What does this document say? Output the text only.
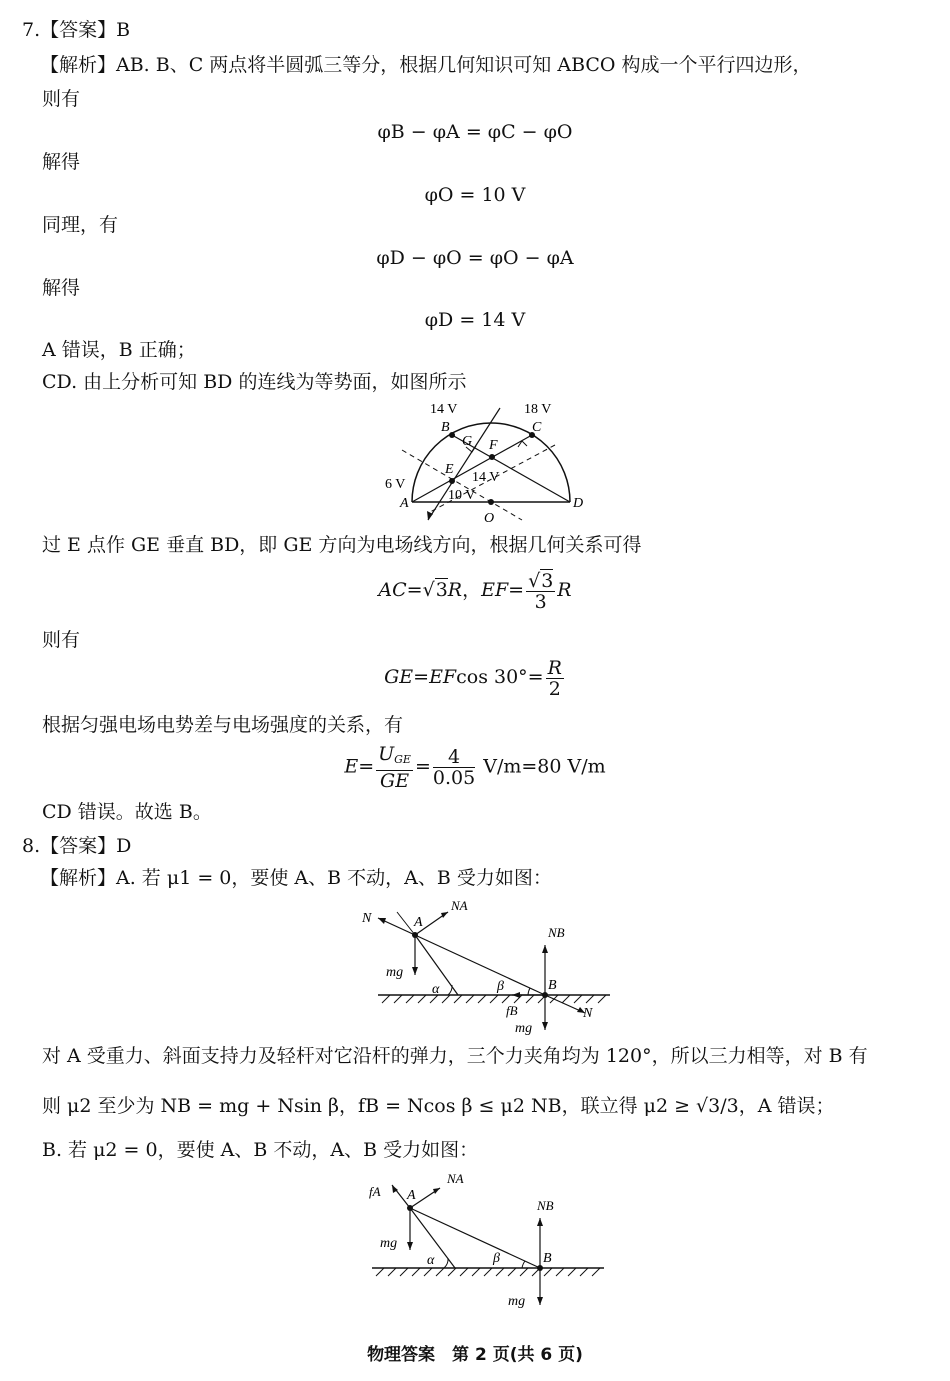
7.【答案】B
【解析】AB. B、C 两点将半圆弧三等分，根据几何知识可知 ABCO 构成一个平行四边形，
则有
φB − φA = φC − φO
解得
φO = 10 V
同理，有
φD − φO = φO − φA
解得
φD = 14 V
A 错误，B 正确；
CD. 由上分析可知 BD 的连线为等势面，如图所示
14 V	18 V
B	C
G F
E
14 V
6 V
A
10 V
D
O
过 E 点作 GE 垂直 BD，即 GE 方向为电场线方向，根据几何关系可得
AC=√3R，$EF= \frac{√3}{3}$ R
则有
GE=EFcos $30^\circ= \frac{R}{2}$
根据匀强电场电势差与电场强度的关系，有
$E= \frac{U_{GE}}{GE} = \frac{4}{0.05} V/m=80$ V/m
CD 错误。故选 B。
8.【答案】D
【解析】A. 若 μ1 = 0，要使 A、B 不动，A、B 受力如图：
N
NA
A
NB
mg
α	β	B
fB
mg
N
对 A 受重力、斜面支持力及轻杆对它沿杆的弹力，三个力夹角均为 120°，所以三力相等，对 B 有
则 μ2 至少为 NB = mg + Nsin β，fB = Ncos β ≤ μ2 NB，联立得 μ2 ≥ √3/3，A 错误；
B. 若 μ2 = 0，要使 A、B 不动，A、B 受力如图：
fA A
NA
NB
mg
α	β	B
mg
物理答案　第 2 页(共 6 页)
